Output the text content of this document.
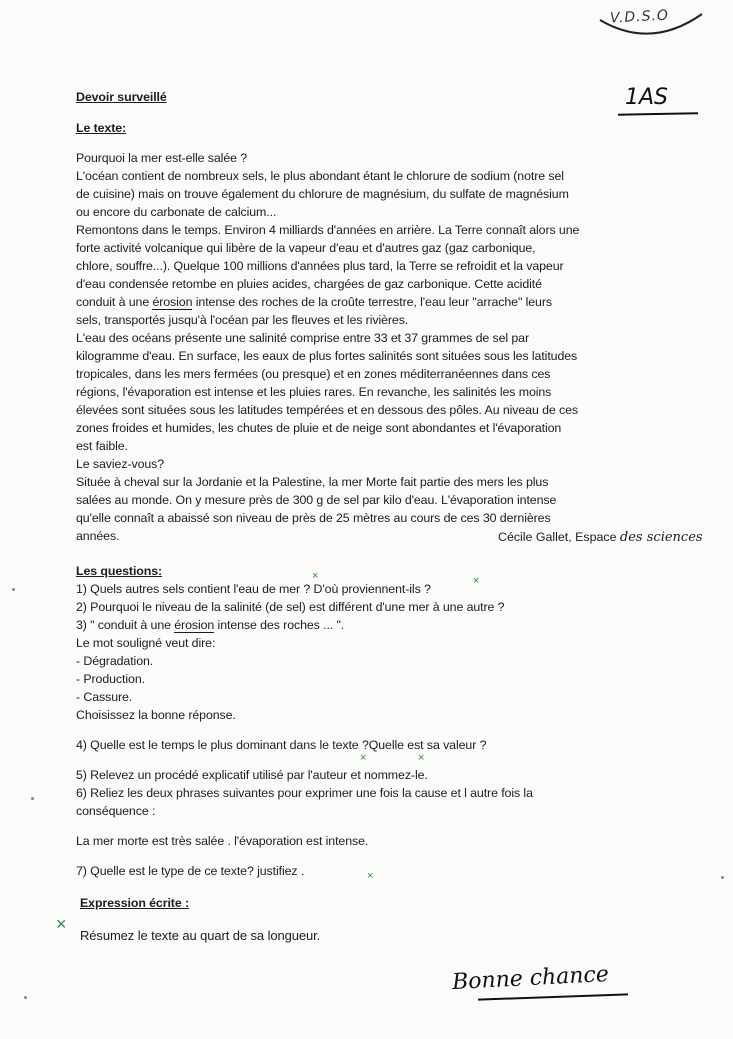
V.D.S.O
1AS
Devoir surveillé
Le texte:
Pourquoi la mer est-elle salée ?
L'océan contient de nombreux sels, le plus abondant étant le chlorure de sodium (notre sel
de cuisine) mais on trouve également du chlorure de magnésium, du sulfate de magnésium
ou encore du carbonate de calcium...
Remontons dans le temps. Environ 4 milliards d'années en arrière. La Terre connaît alors une
forte activité volcanique qui libère de la vapeur d'eau et d'autres gaz (gaz carbonique,
chlore, souffre...). Quelque 100 millions d'années plus tard, la Terre se refroidit et la vapeur
d'eau condensée retombe en pluies acides, chargées de gaz carbonique. Cette acidité
conduit à une érosion intense des roches de la croûte terrestre, l'eau leur "arrache" leurs
sels, transportés jusqu'à l'océan par les fleuves et les rivières.
L'eau des océans présente une salinité comprise entre 33 et 37 grammes de sel par
kilogramme d'eau. En surface, les eaux de plus fortes salinités sont situées sous les latitudes
tropicales, dans les mers fermées (ou presque) et en zones méditerranéennes dans ces
régions, l'évaporation est intense et les pluies rares. En revanche, les salinités les moins
élevées sont situées sous les latitudes tempérées et en dessous des pôles. Au niveau de ces
zones froides et humides, les chutes de pluie et de neige sont abondantes et l'évaporation
est faible.
Le saviez-vous?
Située à cheval sur la Jordanie et la Palestine, la mer Morte fait partie des mers les plus
salées au monde. On y mesure près de 300 g de sel par kilo d'eau. L'évaporation intense
qu'elle connaît a abaissé son niveau de près de 25 mètres au cours de ces 30 dernières
années.	Cécile Gallet, Espace des sciences
Les questions:
1) Quels autres sels contient l'eau de mer ? D'où proviennent-ils ?
2) Pourquoi le niveau de la salinité (de sel) est différent d'une mer à une autre ?
3) " conduit à une érosion intense des roches ... ".
Le mot souligné veut dire:
- Dégradation.
- Production.
- Cassure.
Choisissez la bonne réponse.
4) Quelle est le temps le plus dominant dans le texte ?Quelle est sa valeur ?
5) Relevez un procédé explicatif utilisé par l'auteur et nommez-le.
6) Reliez les deux phrases suivantes pour exprimer une fois la cause et l autre fois la
conséquence :
La mer morte est très salée . l'évaporation est intense.
7) Quelle est le type de ce texte? justifiez .
Expression écrite :
Résumez le texte au quart de sa longueur.
×	×
×	×
×
×
Bonne chance
